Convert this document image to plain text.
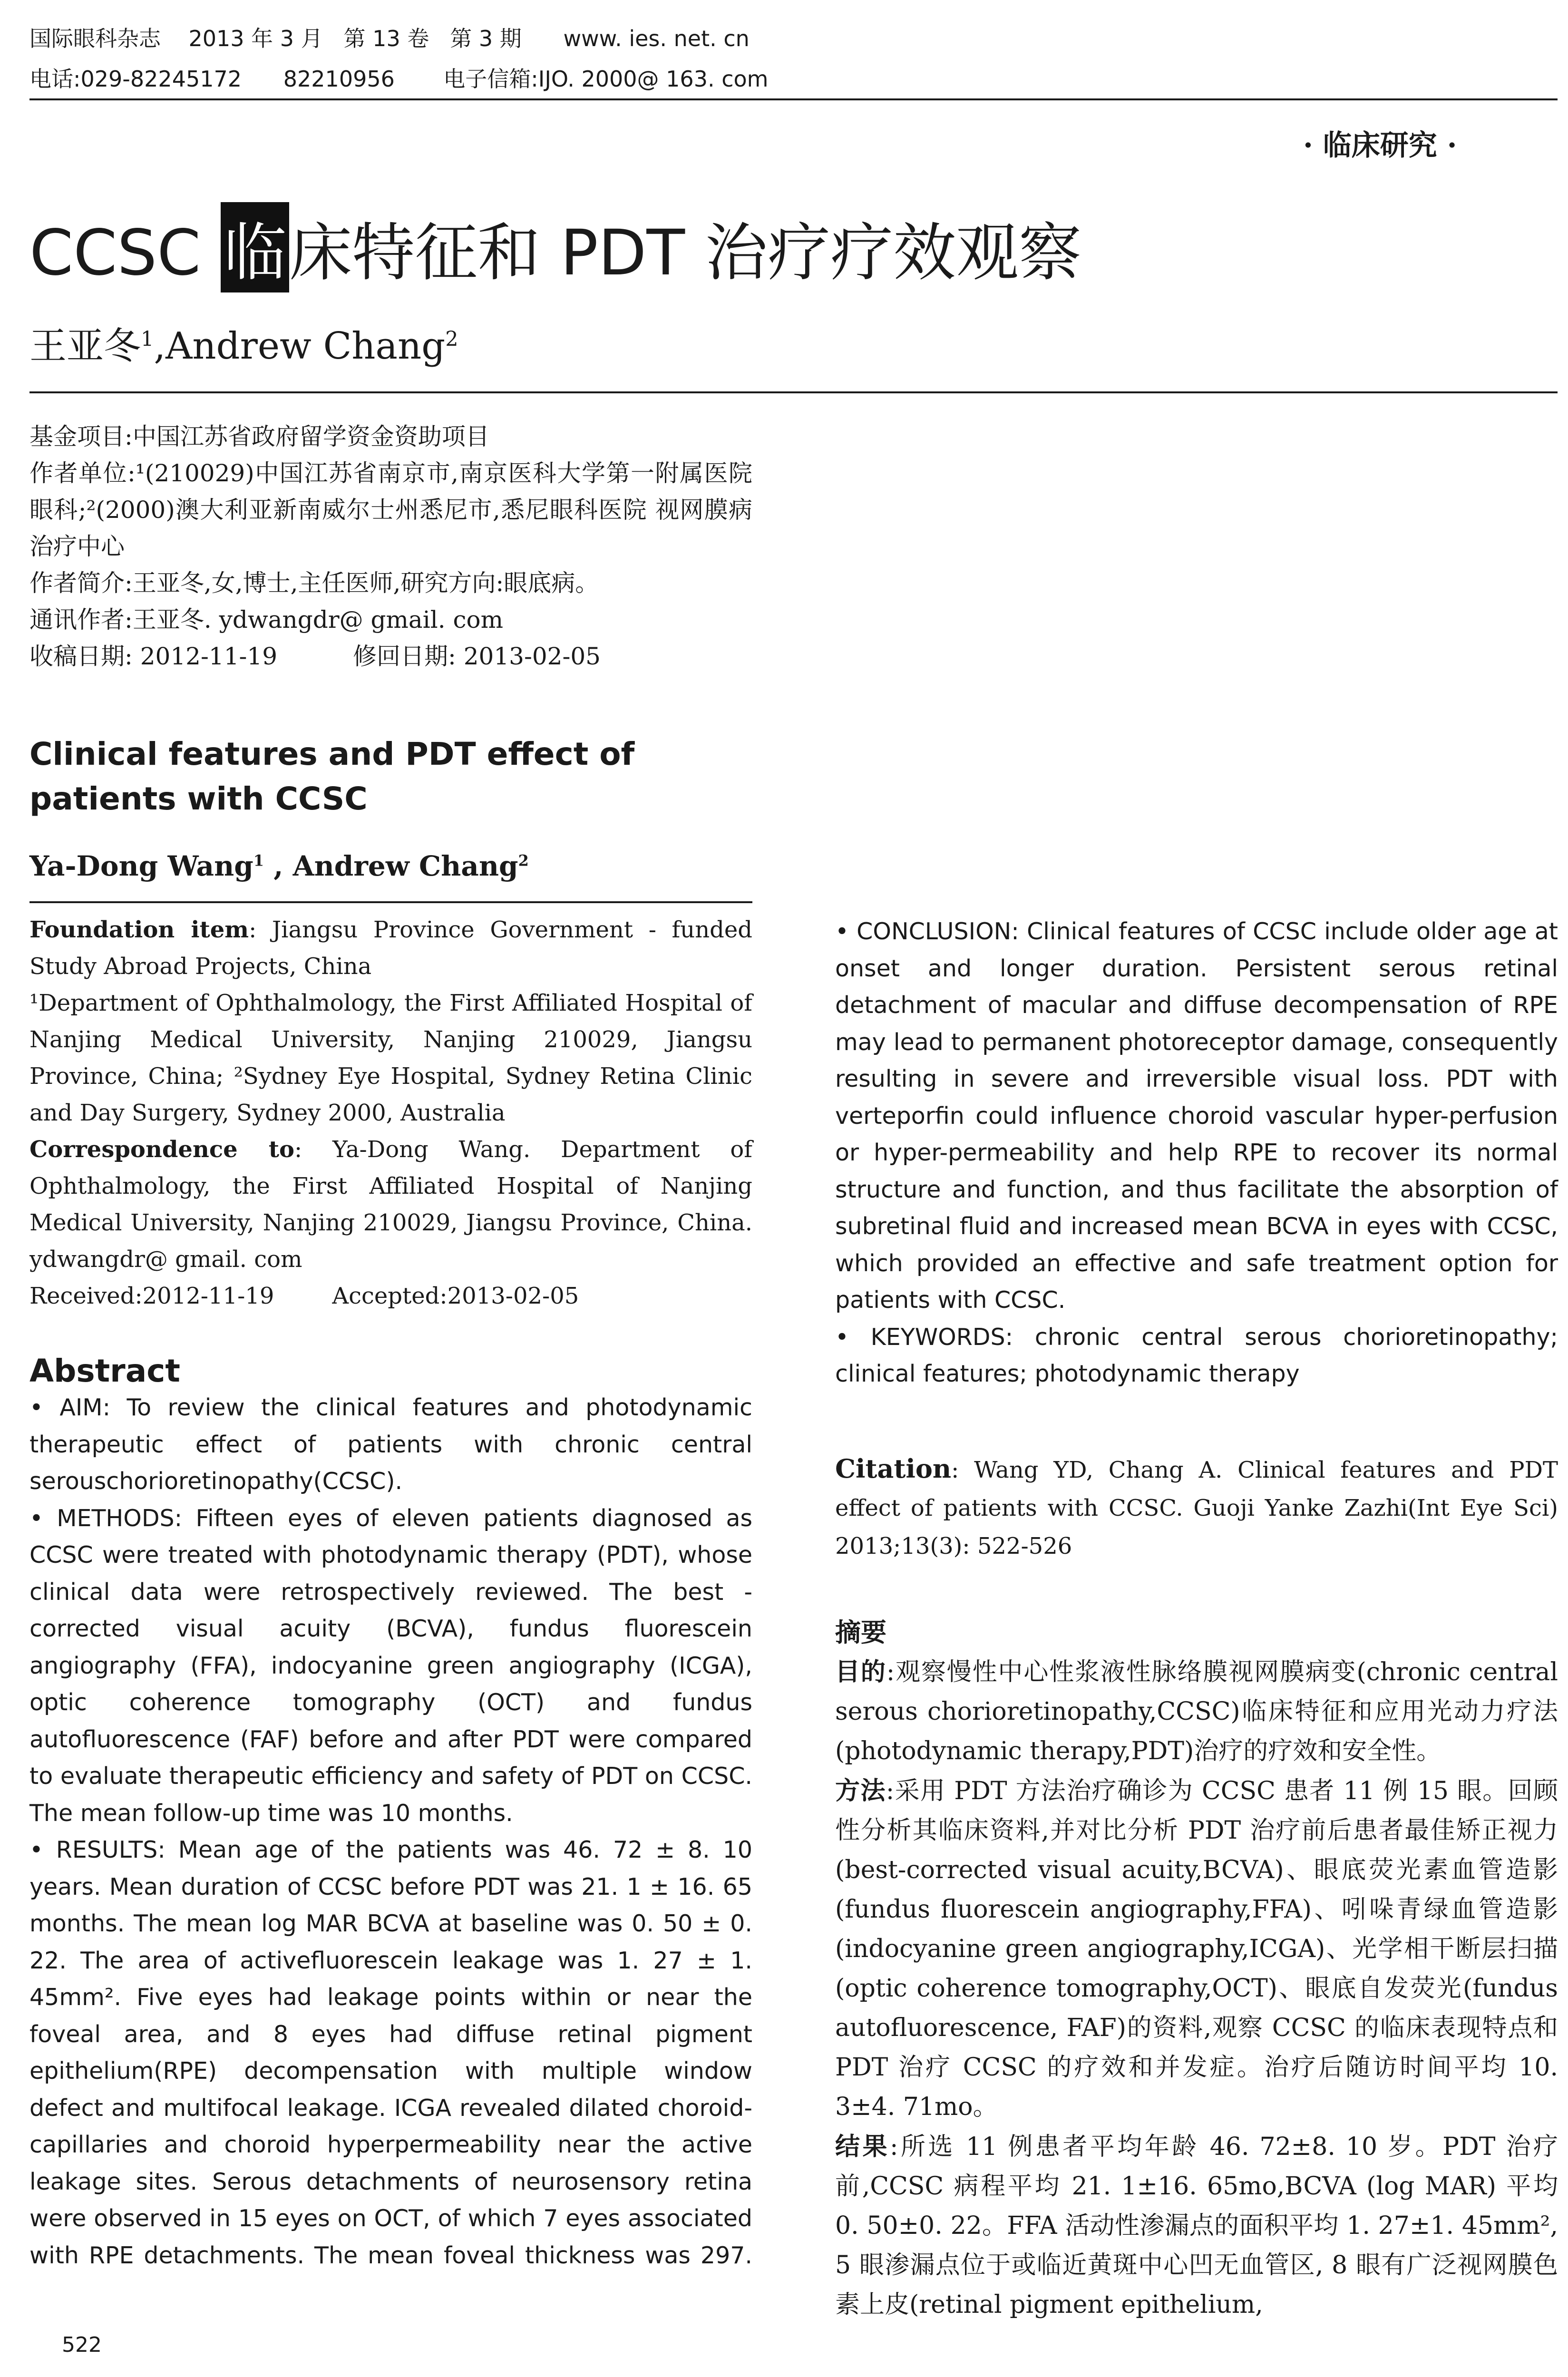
国际眼科杂志    2013 年 3 月   第 13 卷   第 3 期      www. ies. net. cn
电话:029-82245172      82210956       电子信箱:IJO. 2000@ 163. com
· 临床研究 ·
CCSC 临床特征和 PDT 治疗疗效观察
王亚冬$^1$,Andrew Chang$^2$

基金项目:中国江苏省政府留学资金资助项目

作者单位:¹(210029)中国江苏省南京市,南京医科大学第一附属医院眼科;²(2000)澳大利亚新南威尔士州悉尼市,悉尼眼科医院 视网膜病治疗中心

作者简介:王亚冬,女,博士,主任医师,研究方向:眼底病。

通讯作者:王亚冬. ydwangdr@ gmail. com

收稿日期: 2012-11-19          修回日期: 2013-02-05

Clinical features and PDT effect of patients with CCSC

Ya-Dong Wang$^1$ , Andrew Chang$^2$

Foundation item: Jiangsu Province Government - funded Study Abroad Projects, China

¹Department of Ophthalmology, the First Affiliated Hospital of Nanjing Medical University, Nanjing 210029, Jiangsu Province, China; ²Sydney Eye Hospital, Sydney Retina Clinic and Day Surgery, Sydney 2000, Australia

Correspondence to: Ya-Dong Wang. Department of Ophthalmology, the First Affiliated Hospital of Nanjing Medical University, Nanjing 210029, Jiangsu Province, China. ydwangdr@ gmail. com

Received:2012-11-19        Accepted:2013-02-05

Abstract

• AIM: To review the clinical features and photodynamic therapeutic effect of patients with chronic central serouschorioretinopathy(CCSC).

• METHODS: Fifteen eyes of eleven patients diagnosed as CCSC were treated with photodynamic therapy (PDT), whose clinical data were retrospectively reviewed. The best - corrected visual acuity (BCVA), fundus fluorescein angiography (FFA), indocyanine green angiography (ICGA), optic coherence tomography (OCT) and fundus autofluorescence (FAF) before and after PDT were compared to evaluate therapeutic efficiency and safety of PDT on CCSC. The mean follow-up time was 10 months.

• RESULTS: Mean age of the patients was 46. 72 ± 8. 10 years. Mean duration of CCSC before PDT was 21. 1 ± 16. 65 months. The mean log MAR BCVA at baseline was 0. 50 ± 0. 22. The area of activefluorescein leakage was 1. 27 ± 1. 45mm². Five eyes had leakage points within or near the foveal area, and 8 eyes had diffuse retinal pigment epithelium(RPE) decompensation with multiple window defect and multifocal leakage. ICGA revealed dilated choroid- capillaries and choroid hyperpermeability near the active leakage sites. Serous detachments of neurosensory retina were observed in 15 eyes on OCT, of which 7 eyes associated with RPE detachments. The mean foveal thickness was 297.

• CONCLUSION: Clinical features of CCSC include older age at onset and longer duration. Persistent serous retinal detachment of macular and diffuse decompensation of RPE may lead to permanent photoreceptor damage, consequently resulting in severe and irreversible visual loss. PDT with verteporfin could influence choroid vascular hyper-perfusion or hyper-permeability and help RPE to recover its normal structure and function, and thus facilitate the absorption of subretinal fluid and increased mean BCVA in eyes with CCSC, which provided an effective and safe treatment option for patients with CCSC.

• KEYWORDS: chronic central serous chorioretinopathy; clinical features; photodynamic therapy

Citation: Wang YD, Chang A. Clinical features and PDT effect of patients with CCSC. Guoji Yanke Zazhi(Int Eye Sci) 2013;13(3): 522-526

摘要

目的:观察慢性中心性浆液性脉络膜视网膜病变(chronic central serous chorioretinopathy,CCSC)临床特征和应用光动力疗法(photodynamic therapy,PDT)治疗的疗效和安全性。

方法:采用 PDT 方法治疗确诊为 CCSC 患者 11 例 15 眼。回顾性分析其临床资料,并对比分析 PDT 治疗前后患者最佳矫正视力(best-corrected visual acuity,BCVA)、眼底荧光素血管造影(fundus fluorescein angiography,FFA)、吲哚青绿血管造影(indocyanine green angiography,ICGA)、光学相干断层扫描(optic coherence tomography,OCT)、眼底自发荧光(fundus autofluorescence, FAF)的资料,观察 CCSC 的临床表现特点和 PDT 治疗 CCSC 的疗效和并发症。治疗后随访时间平均 10. 3±4. 71mo。

结果:所选 11 例患者平均年龄 46. 72±8. 10 岁。PDT 治疗前,CCSC 病程平均 21. 1±16. 65mo,BCVA (log MAR) 平均 0. 50±0. 22。FFA 活动性渗漏点的面积平均 1. 27±1. 45mm², 5 眼渗漏点位于或临近黄斑中心凹无血管区, 8 眼有广泛视网膜色素上皮(retinal pigment epithelium,

522
